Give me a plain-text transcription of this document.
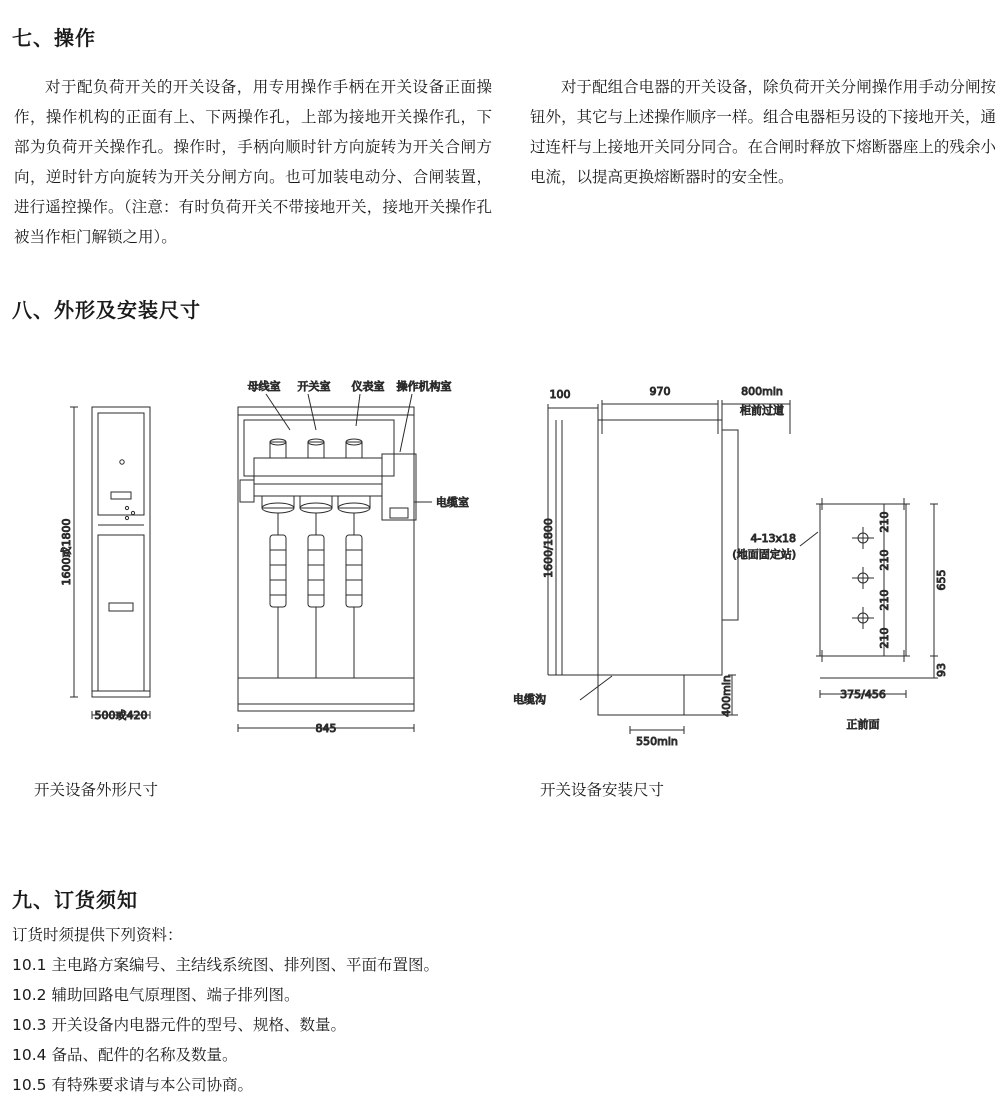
七、操作

对于配负荷开关的开关设备，用专用操作手柄在开关设备正面操作，操作机构的正面有上、下两操作孔，上部为接地开关操作孔，下部为负荷开关操作孔。操作时，手柄向顺时针方向旋转为开关合闸方向，逆时针方向旋转为开关分闸方向。也可加装电动分、合闸装置，进行遥控操作。（注意：有时负荷开关不带接地开关，接地开关操作孔被当作柜门解锁之用）。

对于配组合电器的开关设备，除负荷开关分闸操作用手动分闸按钮外，其它与上述操作顺序一样。组合电器柜另设的下接地开关，通过连杆与上接地开关同分同合。在合闸时释放下熔断器座上的残余小电流，以提高更换熔断器时的安全性。

八、外形及安装尺寸
1600或1800
500或420
母线室 开关室 仪表室 操作机构室
电缆室
845
100	970	800min
柜前过道
1600/1800
400min
550min
电缆沟
4-13x18
(地面固定站)
210
210
210
210
655
93
375/456
正前面
开关设备外形尺寸	开关设备安装尺寸
九、订货须知
订货时须提供下列资料：
10.1 主电路方案编号、主结线系统图、排列图、平面布置图。
10.2 辅助回路电气原理图、端子排列图。
10.3 开关设备内电器元件的型号、规格、数量。
10.4 备品、配件的名称及数量。
10.5 有特殊要求请与本公司协商。
